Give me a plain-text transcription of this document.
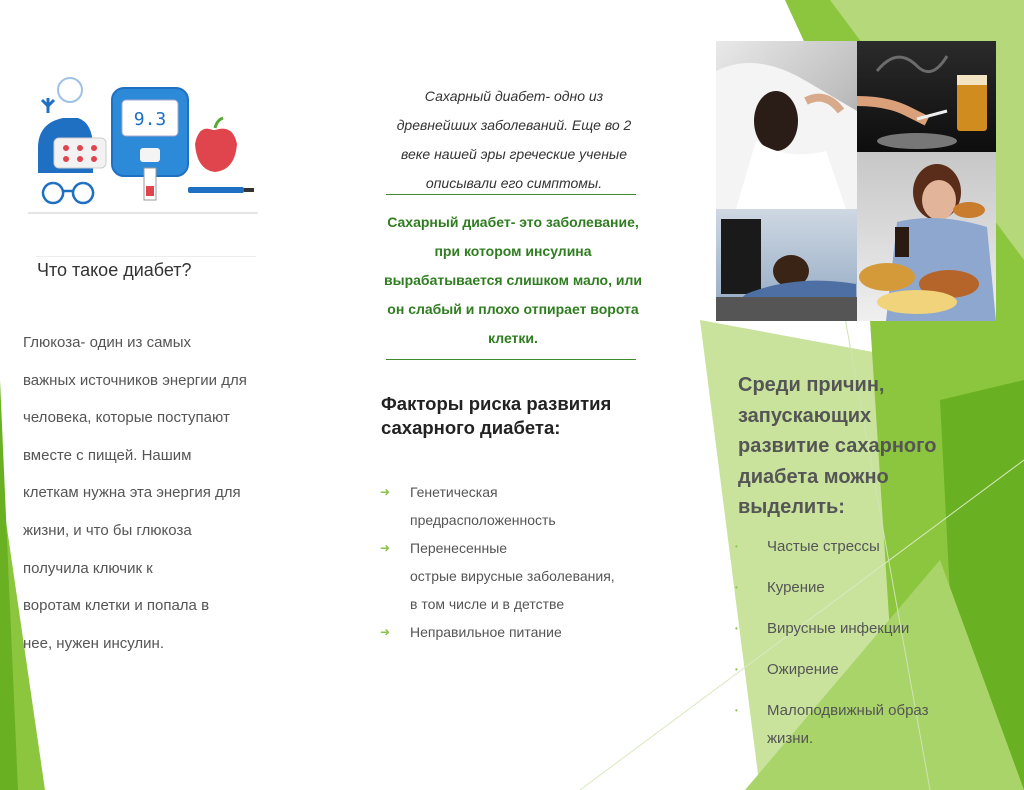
9.3
Что такое диабет?
Глюкоза- один из самых
важных источников энергии для
человека, которые поступают
вместе с пищей. Нашим
клеткам нужна эта энергия для
жизни, и что бы глюкоза
получила ключик к
воротам клетки и попала в
нее, нужен инсулин.
Сахарный диабет- одно из
древнейших заболеваний. Еще во 2
веке нашей эры греческие ученые
описывали его симптомы.
Сахарный диабет- это заболевание,
при котором инсулина
вырабатывается слишком мало, или
он слабый и плохо отпирает ворота
клетки.
Факторы риска развития
сахарного диабета:
➜	Генетическая
предрасположенность
➜	Перенесенные
острые вирусные заболевания,
в том числе и в детстве
➜	Неправильное питание
Среди причин,
запускающих
развитие сахарного
диабета можно
выделить:
•	Частые стрессы
•	Курение
•	Вирусные инфекции
•	Ожирение
•	Малоподвижный образ
жизни.
